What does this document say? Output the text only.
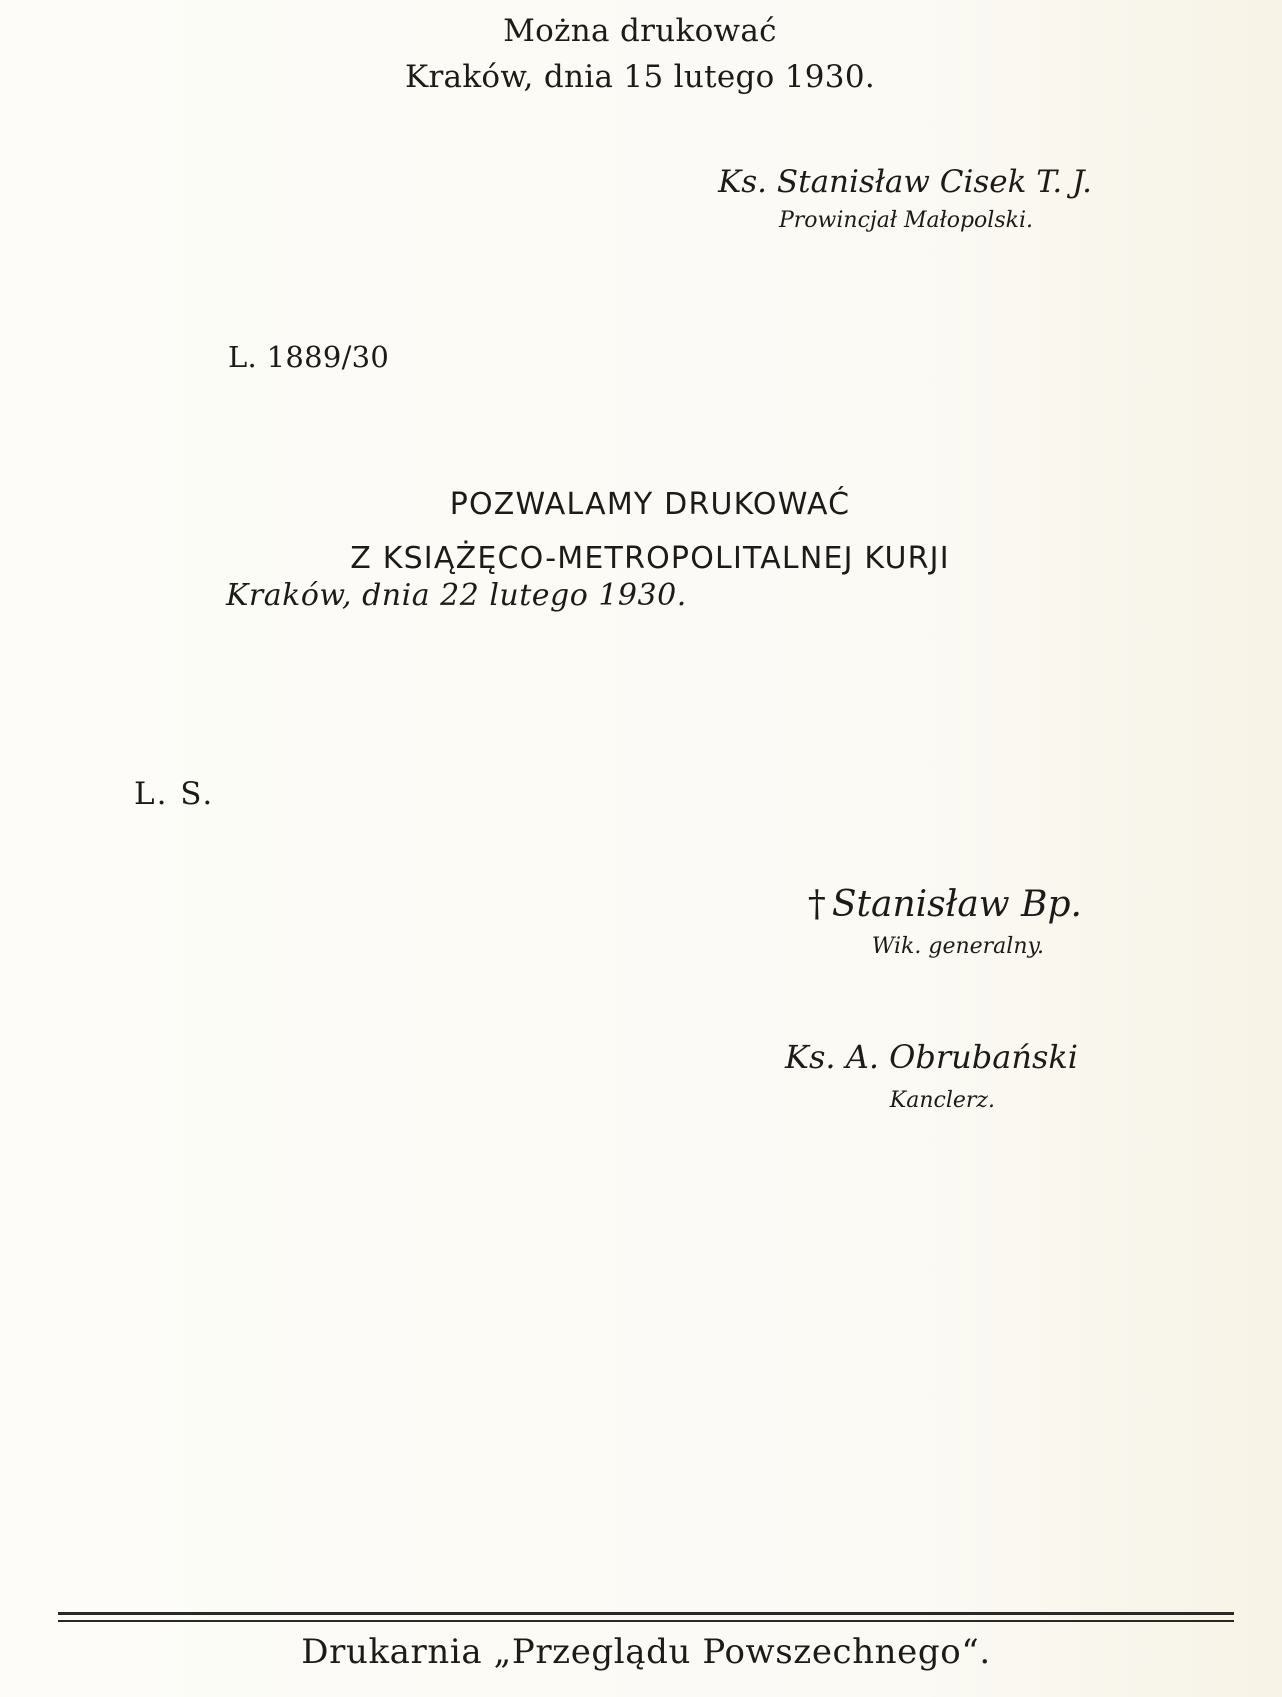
Można drukować
Kraków, dnia 15 lutego 1930.
Ks. Stanisław Cisek T. J.
Prowincjał Małopolski.
L. 1889/30
POZWALAMY DRUKOWAĆ
Z KSIĄŻĘCO-METROPOLITALNEJ KURJI
Kraków, dnia 22 lutego 1930.
L. S.
† Stanisław Bp.
Wik. generalny.
Ks. A. Obrubański
Kanclerz.
Drukarnia „Przeglądu Powszechnego“.
